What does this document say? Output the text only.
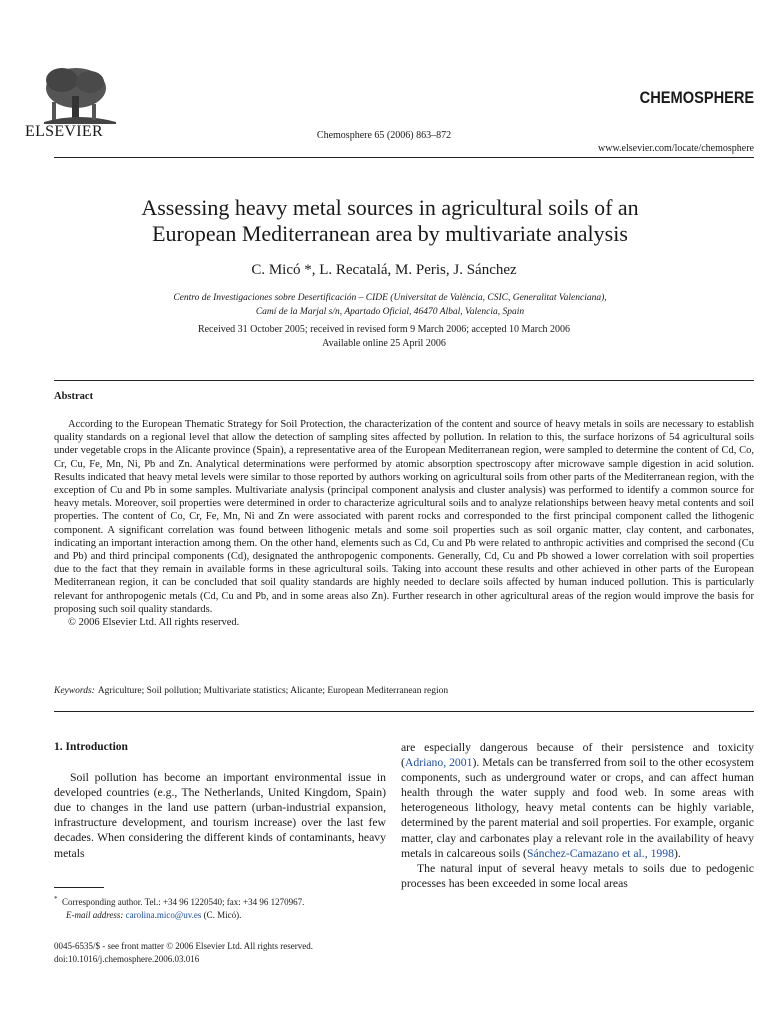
ELSEVIER	Chemosphere 65 (2006) 863–872
CHEMOSPHERE
www.elsevier.com/locate/chemosphere
Assessing heavy metal sources in agricultural soils of an
European Mediterranean area by multivariate analysis
C. Micó *, L. Recatalá, M. Peris, J. Sánchez
Centro de Investigaciones sobre Desertificación – CIDE (Universitat de València, CSIC, Generalitat Valenciana),
Camí de la Marjal s/n, Apartado Oficial, 46470 Albal, Valencia, Spain
Received 31 October 2005; received in revised form 9 March 2006; accepted 10 March 2006
Available online 25 April 2006
Abstract

According to the European Thematic Strategy for Soil Protection, the characterization of the content and source of heavy metals in soils are necessary to establish quality standards on a regional level that allow the detection of sampling sites affected by pollution. In relation to this, the surface horizons of 54 agricultural soils under vegetable crops in the Alicante province (Spain), a representative area of the European Mediterranean region, were sampled to determine the content of Cd, Co, Cr, Cu, Fe, Mn, Ni, Pb and Zn. Analytical determinations were performed by atomic absorption spectroscopy after microwave sample digestion in acid solution. Results indicated that heavy metal levels were similar to those reported by authors working on agricultural soils from other parts of the Mediterranean region, with the exception of Cu and Pb in some samples. Multivariate analysis (principal component analysis and cluster analysis) was performed to identify a common source for heavy metals. Moreover, soil properties were determined in order to characterize agricultural soils and to analyze relationships between heavy metal contents and soil properties. The content of Co, Cr, Fe, Mn, Ni and Zn were associated with parent rocks and corresponded to the first principal component called the lithogenic component. A significant correlation was found between lithogenic metals and some soil properties such as soil organic matter, clay content, and carbonates, indicating an important interaction among them. On the other hand, elements such as Cd, Cu and Pb were related to anthropic activities and comprised the second (Cu and Pb) and third principal components (Cd), designated the anthropogenic components. Generally, Cd, Cu and Pb showed a lower correlation with soil properties due to the fact that they remain in available forms in these agricultural soils. Taking into account these results and other achieved in other parts of the European Mediterranean region, it can be concluded that soil quality standards are highly needed to declare soils affected by human induced pollution. This is particularly relevant for anthropogenic metals (Cd, Cu and Pb, and in some areas also Zn). Further research in other agricultural areas of the region would improve the basis for proposing such soil quality standards.

© 2006 Elsevier Ltd. All rights reserved.

Keywords: Agriculture; Soil pollution; Multivariate statistics; Alicante; European Mediterranean region

1. Introduction

Soil pollution has become an important environmental issue in developed countries (e.g., The Netherlands, United Kingdom, Spain) due to changes in the land use pattern (urban-industrial expansion, infrastructure development, and tourism increase) over the last few decades. When considering the different kinds of contaminants, heavy metals

are especially dangerous because of their persistence and toxicity (Adriano, 2001). Metals can be transferred from soil to the other ecosystem components, such as underground water or crops, and can affect human health through the water supply and food web. In some areas with heterogeneous lithology, heavy metal contents can be highly variable, determined by the parent material and soil properties. For example, organic matter, clay and carbonates play a relevant role in the availability of heavy metals in calcareous soils (Sánchez-Camazano et al., 1998).

The natural input of several heavy metals to soils due to pedogenic processes has been exceeded in some local areas

* Corresponding author. Tel.: +34 96 1220540; fax: +34 96 1270967.
E-mail address: carolina.mico@uv.es (C. Micó).
0045-6535/$ - see front matter © 2006 Elsevier Ltd. All rights reserved.
doi:10.1016/j.chemosphere.2006.03.016
